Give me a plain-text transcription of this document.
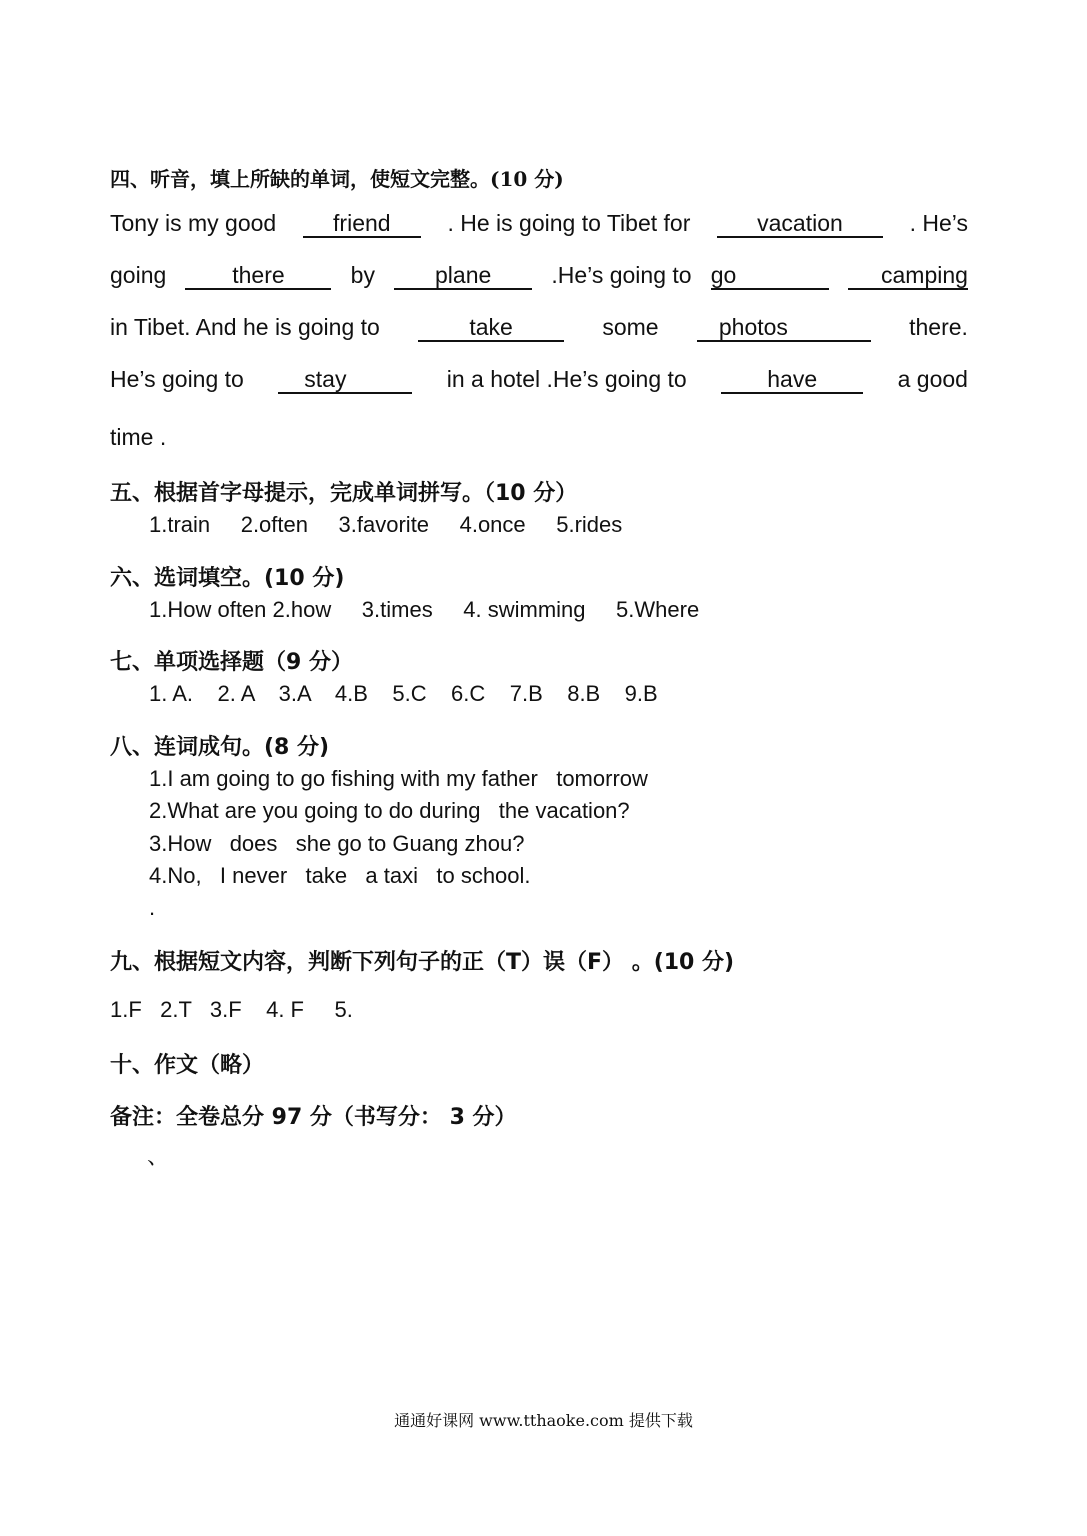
四、听音，填上所缺的单词，使短文完整。(10 分)
Tony is my good	friend	. He is going to Tibet for	vacation	. He’s
going	there	by	plane	.He’s going to go	camping
in Tibet. And he is going to	take	some	photos	there.
He’s going to	stay	in a hotel .He’s going to	have	a good
time .
五、根据首字母提示，完成单词拼写。（10 分）
1.train     2.often     3.favorite     4.once     5.rides
六、选词填空。(10 分)
1.How often 2.how     3.times     4. swimming     5.Where
七、单项选择题（9 分）
1. A.    2. A    3.A    4.B    5.C    6.C    7.B    8.B    9.B
八、连词成句。(8 分)
1.I am going to go fishing with my father   tomorrow
2.What are you going to do during   the vacation?
3.How   does   she go to Guang zhou?
4.No,   I never   take   a taxi   to school.
.
九、根据短文内容，判断下列句子的正（T）误（F） 。(10 分)
1.F   2.T   3.F    4. F     5.
十、作文（略）
备注：全卷总分 97 分（书写分： 3 分）
、
通通好课网 www.tthaoke.com 提供下载
